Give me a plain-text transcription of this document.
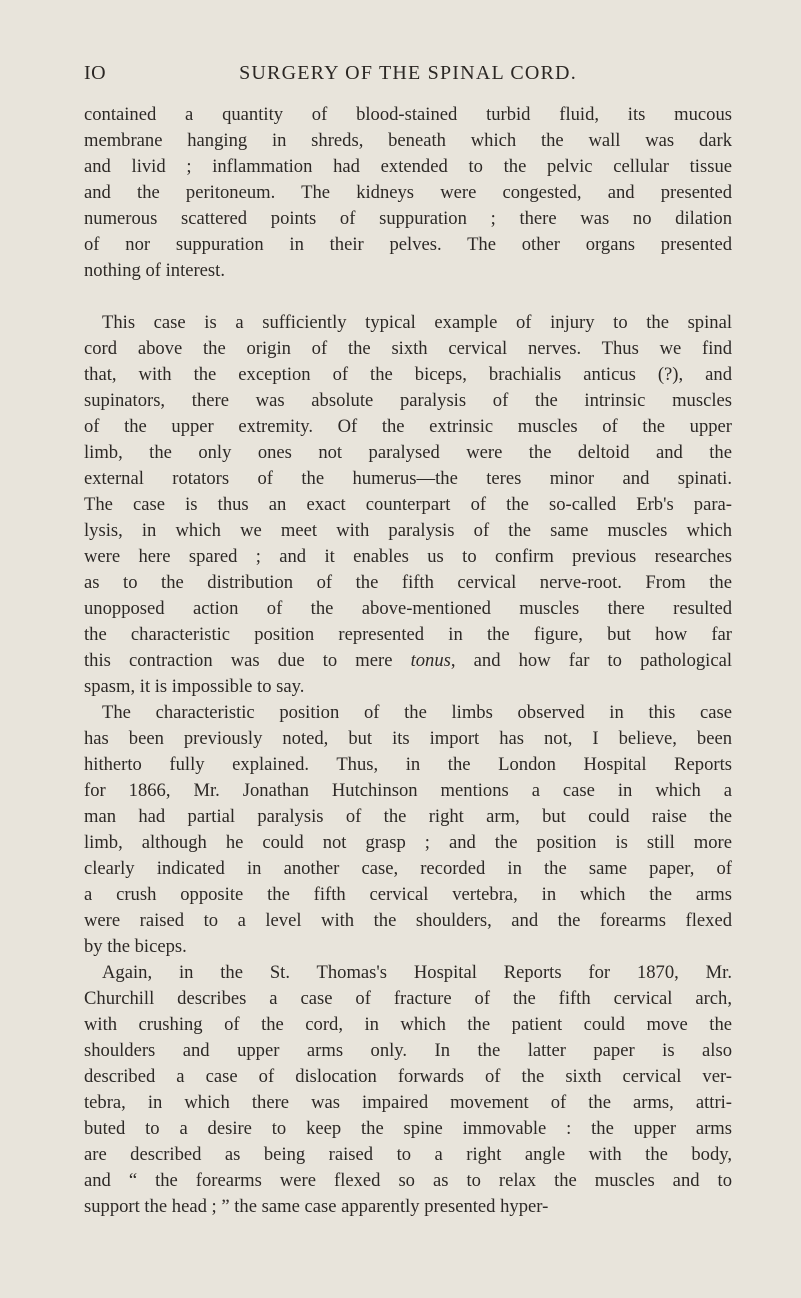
IO	SURGERY OF THE SPINAL CORD.
contained a quantity of blood-stained turbid fluid, its mucous
membrane hanging in shreds, beneath which the wall was dark
and livid ; inflammation had extended to the pelvic cellular tissue
and the peritoneum. The kidneys were congested, and presented
numerous scattered points of suppuration ; there was no dilation
of nor suppuration in their pelves. The other organs presented
nothing of interest.
This case is a sufficiently typical example of injury to the spinal
cord above the origin of the sixth cervical nerves. Thus we find
that, with the exception of the biceps, brachialis anticus (?), and
supinators, there was absolute paralysis of the intrinsic muscles
of the upper extremity. Of the extrinsic muscles of the upper
limb, the only ones not paralysed were the deltoid and the
external rotators of the humerus—the teres minor and spinati.
The case is thus an exact counterpart of the so-called Erb's para-
lysis, in which we meet with paralysis of the same muscles which
were here spared ; and it enables us to confirm previous researches
as to the distribution of the fifth cervical nerve-root. From the
unopposed action of the above-mentioned muscles there resulted
the characteristic position represented in the figure, but how far
this contraction was due to mere tonus, and how far to pathological
spasm, it is impossible to say.
The characteristic position of the limbs observed in this case
has been previously noted, but its import has not, I believe, been
hitherto fully explained. Thus, in the London Hospital Reports
for 1866, Mr. Jonathan Hutchinson mentions a case in which a
man had partial paralysis of the right arm, but could raise the
limb, although he could not grasp ; and the position is still more
clearly indicated in another case, recorded in the same paper, of
a crush opposite the fifth cervical vertebra, in which the arms
were raised to a level with the shoulders, and the forearms flexed
by the biceps.
Again, in the St. Thomas's Hospital Reports for 1870, Mr.
Churchill describes a case of fracture of the fifth cervical arch,
with crushing of the cord, in which the patient could move the
shoulders and upper arms only. In the latter paper is also
described a case of dislocation forwards of the sixth cervical ver-
tebra, in which there was impaired movement of the arms, attri-
buted to a desire to keep the spine immovable : the upper arms
are described as being raised to a right angle with the body,
and “ the forearms were flexed so as to relax the muscles and to
support the head ; ” the same case apparently presented hyper-
